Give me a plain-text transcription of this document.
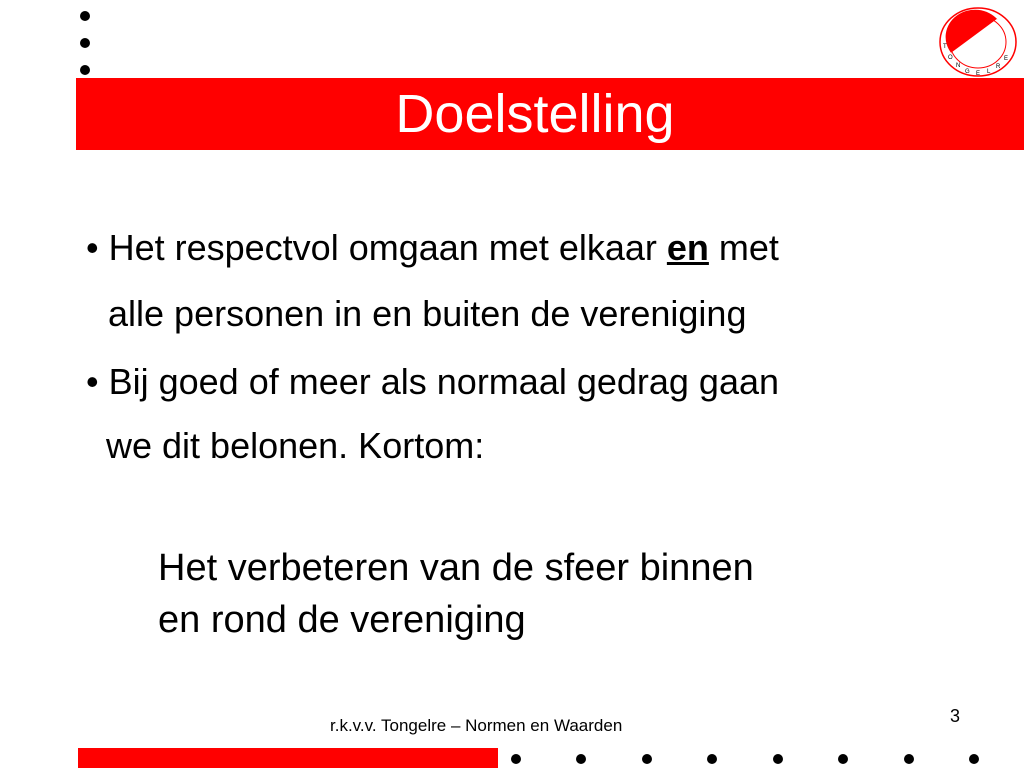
Doelstelling
T
O
N
G E L
R
E
• Het respectvol omgaan met elkaar en met
alle personen in en buiten de vereniging
• Bij goed of meer als normaal gedrag gaan
we dit belonen. Kortom:
Het verbeteren van de sfeer binnen
en rond de vereniging
3
r.k.v.v. Tongelre – Normen en Waarden
